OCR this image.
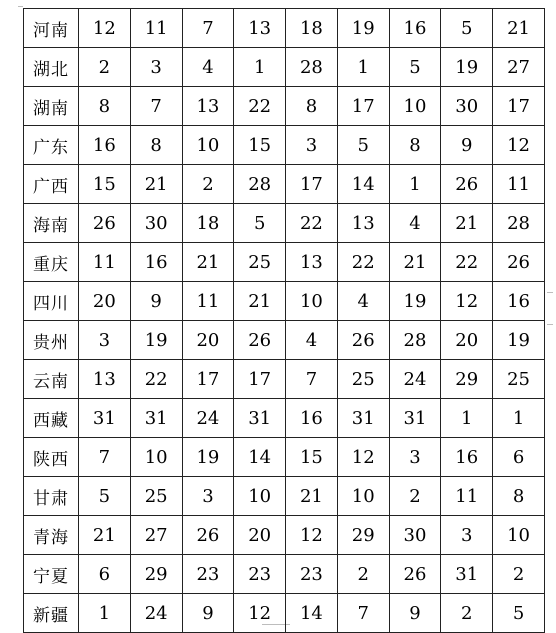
河南	12	11	7	13	18	19	16	5	21
湖北	2	3	4	1	28	1	5	19	27
湖南	8	7	13	22	8	17	10	30	17
广东	16	8	10	15	3	5	8	9	12
广西	15	21	2	28	17	14	1	26	11
海南	26	30	18	5	22	13	4	21	28
重庆	11	16	21	25	13	22	21	22	26
四川	20	9	11	21	10	4	19	12	16
贵州	3	19	20	26	4	26	28	20	19
云南	13	22	17	17	7	25	24	29	25
西藏	31	31	24	31	16	31	31	1	1
陕西	7	10	19	14	15	12	3	16	6
甘肃	5	25	3	10	21	10	2	11	8
青海	21	27	26	20	12	29	30	3	10
宁夏	6	29	23	23	23	2	26	31	2
新疆	1	24	9	12	14	7	9	2	5
